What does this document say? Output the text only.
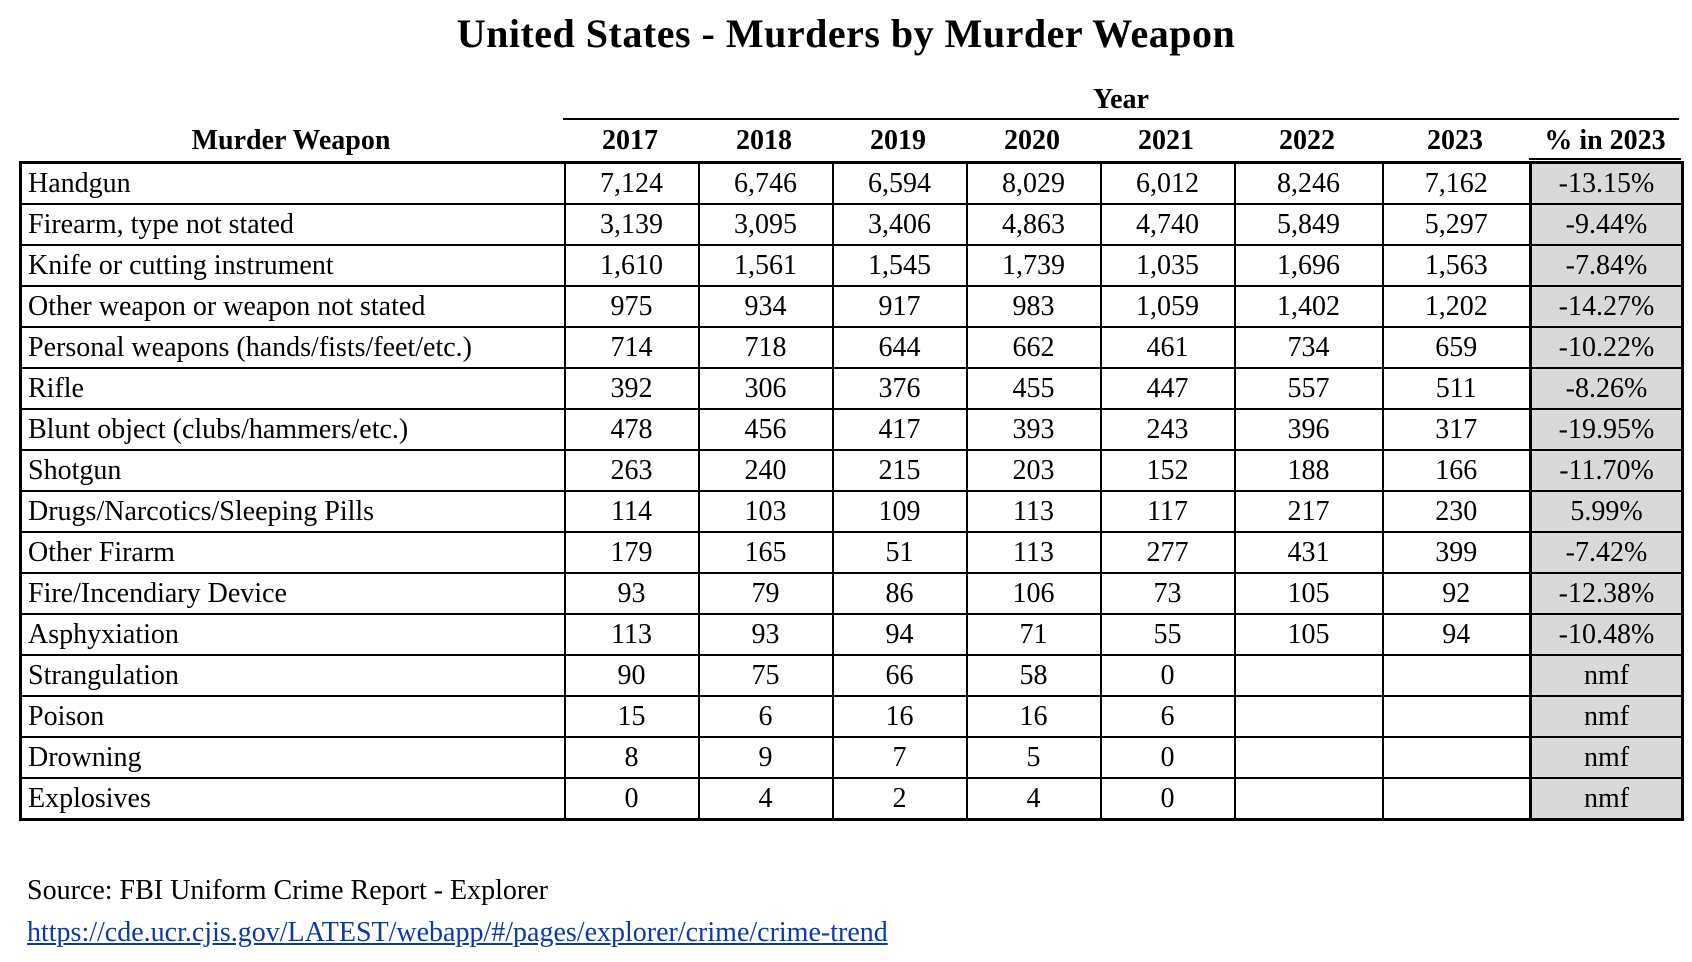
United States - Murders by Murder Weapon
Year
Murder Weapon	2017	2018	2019	2020	2021	2022	2023	% in 2023
Handgun	7,124	6,746	6,594	8,029	6,012	8,246	7,162	-13.15%
Firearm, type not stated	3,139	3,095	3,406	4,863	4,740	5,849	5,297	-9.44%
Knife or cutting instrument	1,610	1,561	1,545	1,739	1,035	1,696	1,563	-7.84%
Other weapon or weapon not stated	975	934	917	983	1,059	1,402	1,202	-14.27%
Personal weapons (hands/fists/feet/etc.)	714	718	644	662	461	734	659	-10.22%
Rifle	392	306	376	455	447	557	511	-8.26%
Blunt object (clubs/hammers/etc.)	478	456	417	393	243	396	317	-19.95%
Shotgun	263	240	215	203	152	188	166	-11.70%
Drugs/Narcotics/Sleeping Pills	114	103	109	113	117	217	230	5.99%
Other Firarm	179	165	51	113	277	431	399	-7.42%
Fire/Incendiary Device	93	79	86	106	73	105	92	-12.38%
Asphyxiation	113	93	94	71	55	105	94	-10.48%
Strangulation	90	75	66	58	0			nmf
Poison	15	6	16	16	6			nmf
Drowning	8	9	7	5	0			nmf
Explosives	0	4	2	4	0			nmf
Source: FBI Uniform Crime Report - Explorer
https://cde.ucr.cjis.gov/LATEST/webapp/#/pages/explorer/crime/crime-trend
